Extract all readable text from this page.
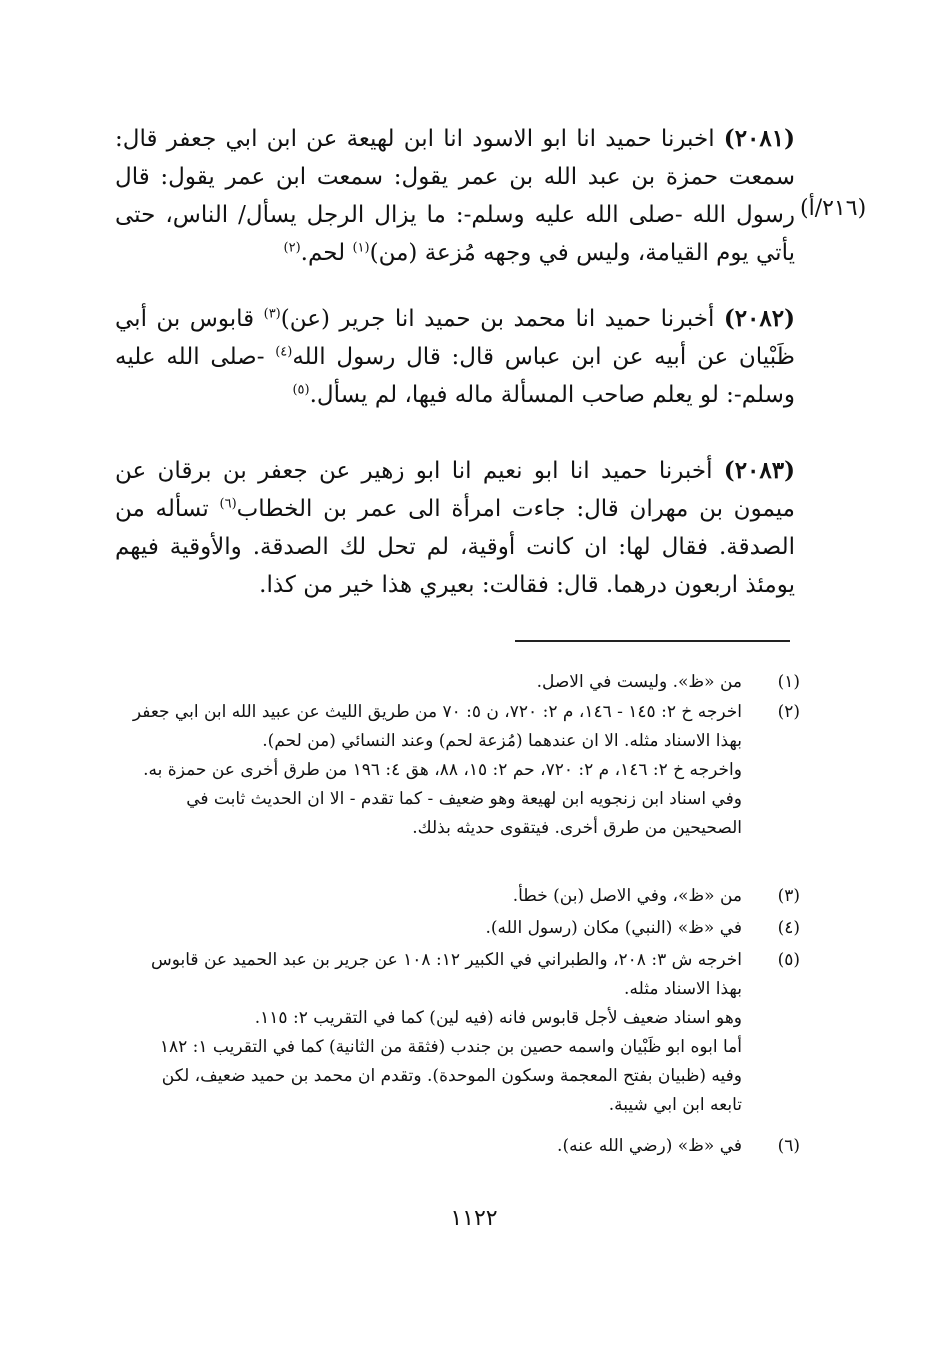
(٢٠٨١) اخبرنا حميد انا ابو الاسود انا ابن لهيعة عن ابن ابي جعفر قال: سمعت حمزة بن عبد الله بن عمر يقول: سمعت ابن عمر يقول: قال رسول الله -صلى الله عليه وسلم-: ما يزال الرجل يسأل/ الناس، حتى يأتي يوم القيامة، وليس في وجهه مُزعة (من)$^{(١)}$ لحم.$^{(٢)}$
(٢١٦/أ)
(٢٠٨٢) أخبرنا حميد انا محمد بن حميد انا جرير (عن)$^{(٣)}$ قابوس بن أبي ظَبْيان عن أبيه عن ابن عباس قال: قال رسول الله$^{(٤)}$ -صلى الله عليه وسلم-: لو يعلم صاحب المسألة ماله فيها، لم يسأل.$^{(٥)}$
(٢٠٨٣) أخبرنا حميد انا ابو نعيم انا ابو زهير عن جعفر بن برقان عن ميمون بن مهران قال: جاءت امرأة الى عمر بن الخطاب$^{(٦)}$ تسأله من الصدقة. فقال لها: ان كانت أوقية، لم تحل لك الصدقة. والأوقية فيهم يومئذ اربعون درهما. قال: فقالت: بعيري هذا خير من كذا.
(١)
من «ظ». وليست في الاصل.
(٢)
اخرجه خ ٢: ١٤٥ - ١٤٦، م ٢: ٧٢٠، ن ٥: ٧٠ من طريق الليث عن عبيد الله ابن ابي جعفر بهذا الاسناد مثله. الا ان عندهما (مُزعة لحم) وعند النسائي (من لحم).
واخرجه خ ٢: ١٤٦، م ٢: ٧٢٠، حم ٢: ١٥، ٨٨، هق ٤: ١٩٦ من طرق أخرى عن حمزة به.
وفي اسناد ابن زنجويه ابن لهيعة وهو ضعيف - كما تقدم - الا ان الحديث ثابت في الصحيحين من طرق أخرى. فيتقوى حديثه بذلك.
(٣)
من «ظ»، وفي الاصل (بن) خطأ.
(٤)
في «ظ» (النبي) مكان (رسول الله).
(٥)
اخرجه ش ٣: ٢٠٨، والطبراني في الكبير ١٢: ١٠٨ عن جرير بن عبد الحميد عن قابوس بهذا الاسناد مثله.
وهو اسناد ضعيف لأجل قابوس فانه (فيه لين) كما في التقريب ٢: ١١٥.
أما ابوه ابو ظَبْيان واسمه حصين بن جندب (فثقة من الثانية) كما في التقريب ١: ١٨٢ وفيه (ظبيان بفتح المعجمة وسكون الموحدة). وتقدم ان محمد بن حميد ضعيف، لكن تابعه ابن ابي شيبة.
(٦)
في «ظ» (رضي الله عنه).
١١٢٢
